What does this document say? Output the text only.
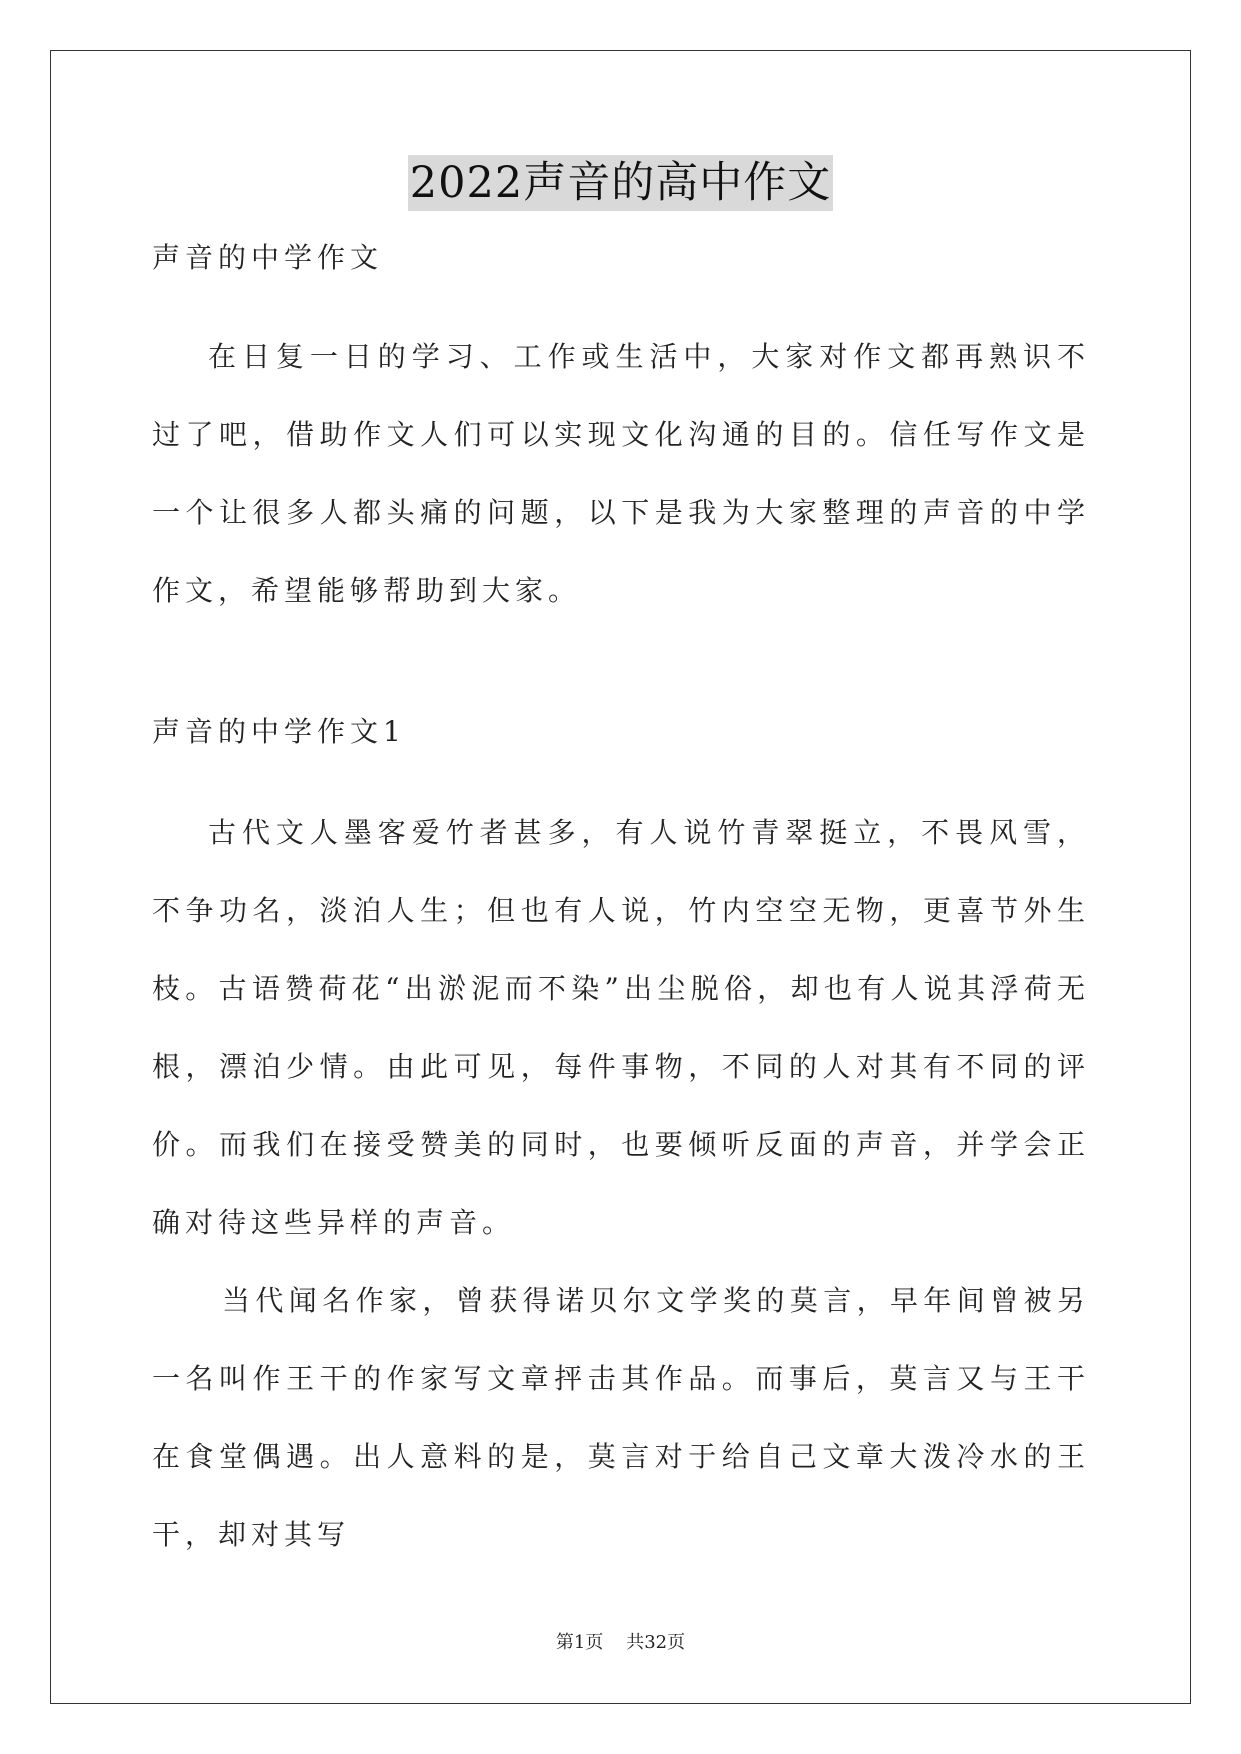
2022声音的高中作文

声音的中学作文

在日复一日的学习、工作或生活中，大家对作文都再熟识不过了吧，借助作文人们可以实现文化沟通的目的。信任写作文是一个让很多人都头痛的问题，以下是我为大家整理的声音的中学作文，希望能够帮助到大家。

声音的中学作文1

古代文人墨客爱竹者甚多，有人说竹青翠挺立，不畏风雪，不争功名，淡泊人生；但也有人说，竹内空空无物，更喜节外生枝。古语赞荷花“出淤泥而不染”出尘脱俗，却也有人说其浮荷无根，漂泊少情。由此可见，每件事物，不同的人对其有不同的评价。而我们在接受赞美的同时，也要倾听反面的声音，并学会正确对待这些异样的声音。

当代闻名作家，曾获得诺贝尔文学奖的莫言，早年间曾被另一名叫作王干的作家写文章抨击其作品。而事后，莫言又与王干在食堂偶遇。出人意料的是，莫言对于给自己文章大泼冷水的王干，却对其写

第1页 共32页
